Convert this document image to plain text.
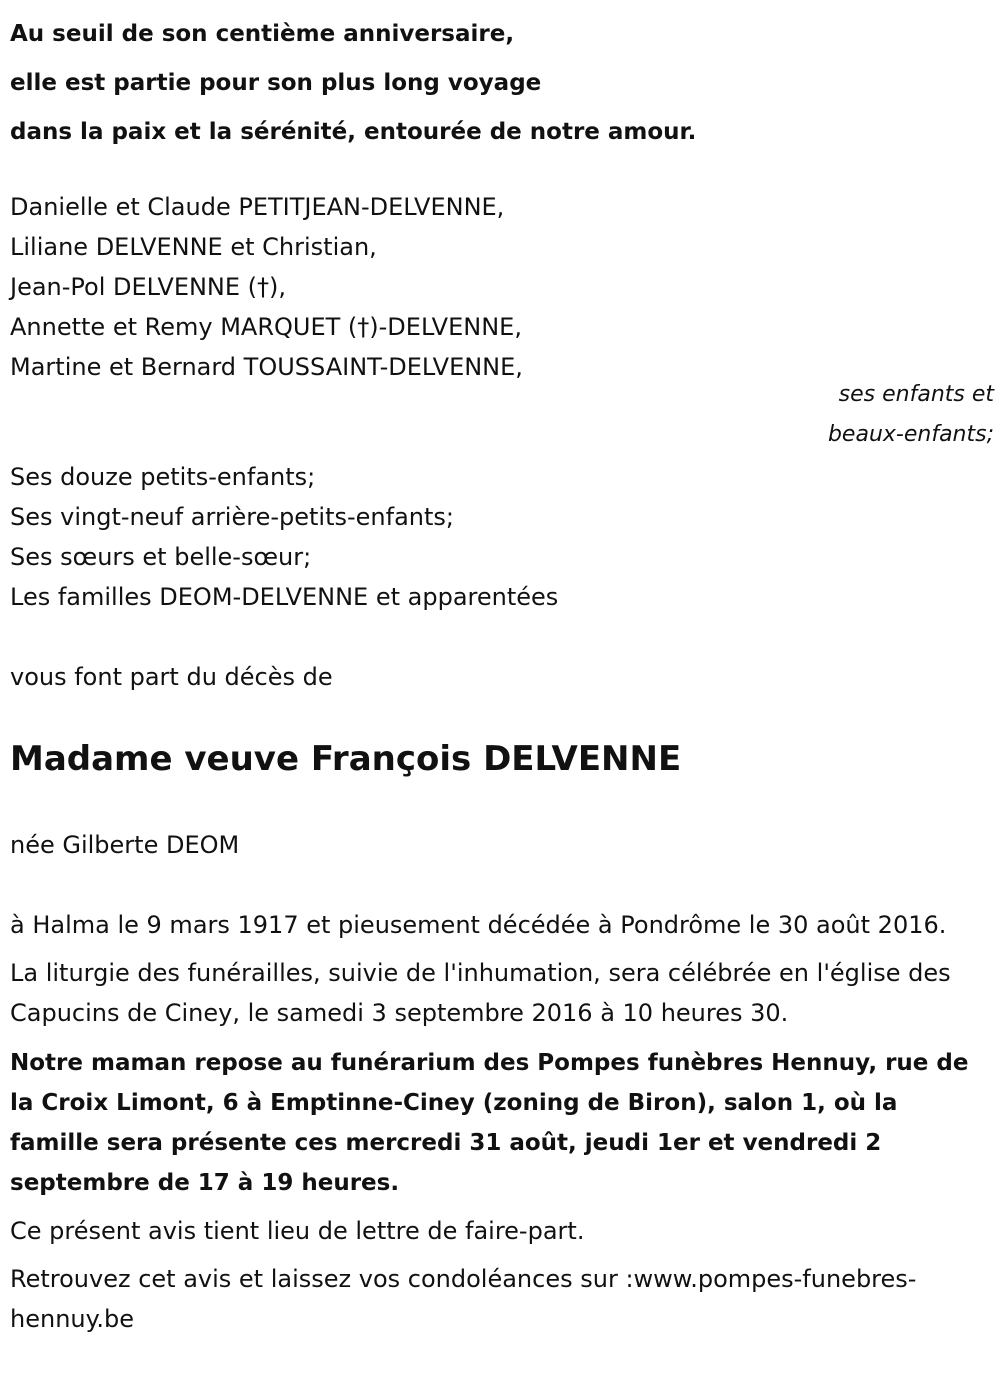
Au seuil de son centième anniversaire,
elle est partie pour son plus long voyage
dans la paix et la sérénité, entourée de notre amour.
Danielle et Claude PETITJEAN-DELVENNE,
Liliane DELVENNE et Christian,
Jean-Pol DELVENNE (†),
Annette et Remy MARQUET (†)-DELVENNE,
Martine et Bernard TOUSSAINT-DELVENNE,
ses enfants et
beaux-enfants;
Ses douze petits-enfants;
Ses vingt-neuf arrière-petits-enfants;
Ses sœurs et belle-sœur;
Les familles DEOM-DELVENNE et apparentées

vous font part du décès de

Madame veuve François DELVENNE

née Gilberte DEOM

à Halma le 9 mars 1917 et pieusement décédée à Pondrôme le 30 août 2016.

La liturgie des funérailles, suivie de l'inhumation, sera célébrée en l'église des Capucins de Ciney, le samedi 3 septembre 2016 à 10 heures 30.

Notre maman repose au funérarium des Pompes funèbres Hennuy, rue de la Croix Limont, 6 à Emptinne-Ciney (zoning de Biron), salon 1, où la famille sera présente ces mercredi 31 août, jeudi 1er et vendredi 2 septembre de 17 à 19 heures.

Ce présent avis tient lieu de lettre de faire-part.

Retrouvez cet avis et laissez vos condoléances sur :www.pompes-funebres-hennuy.be
